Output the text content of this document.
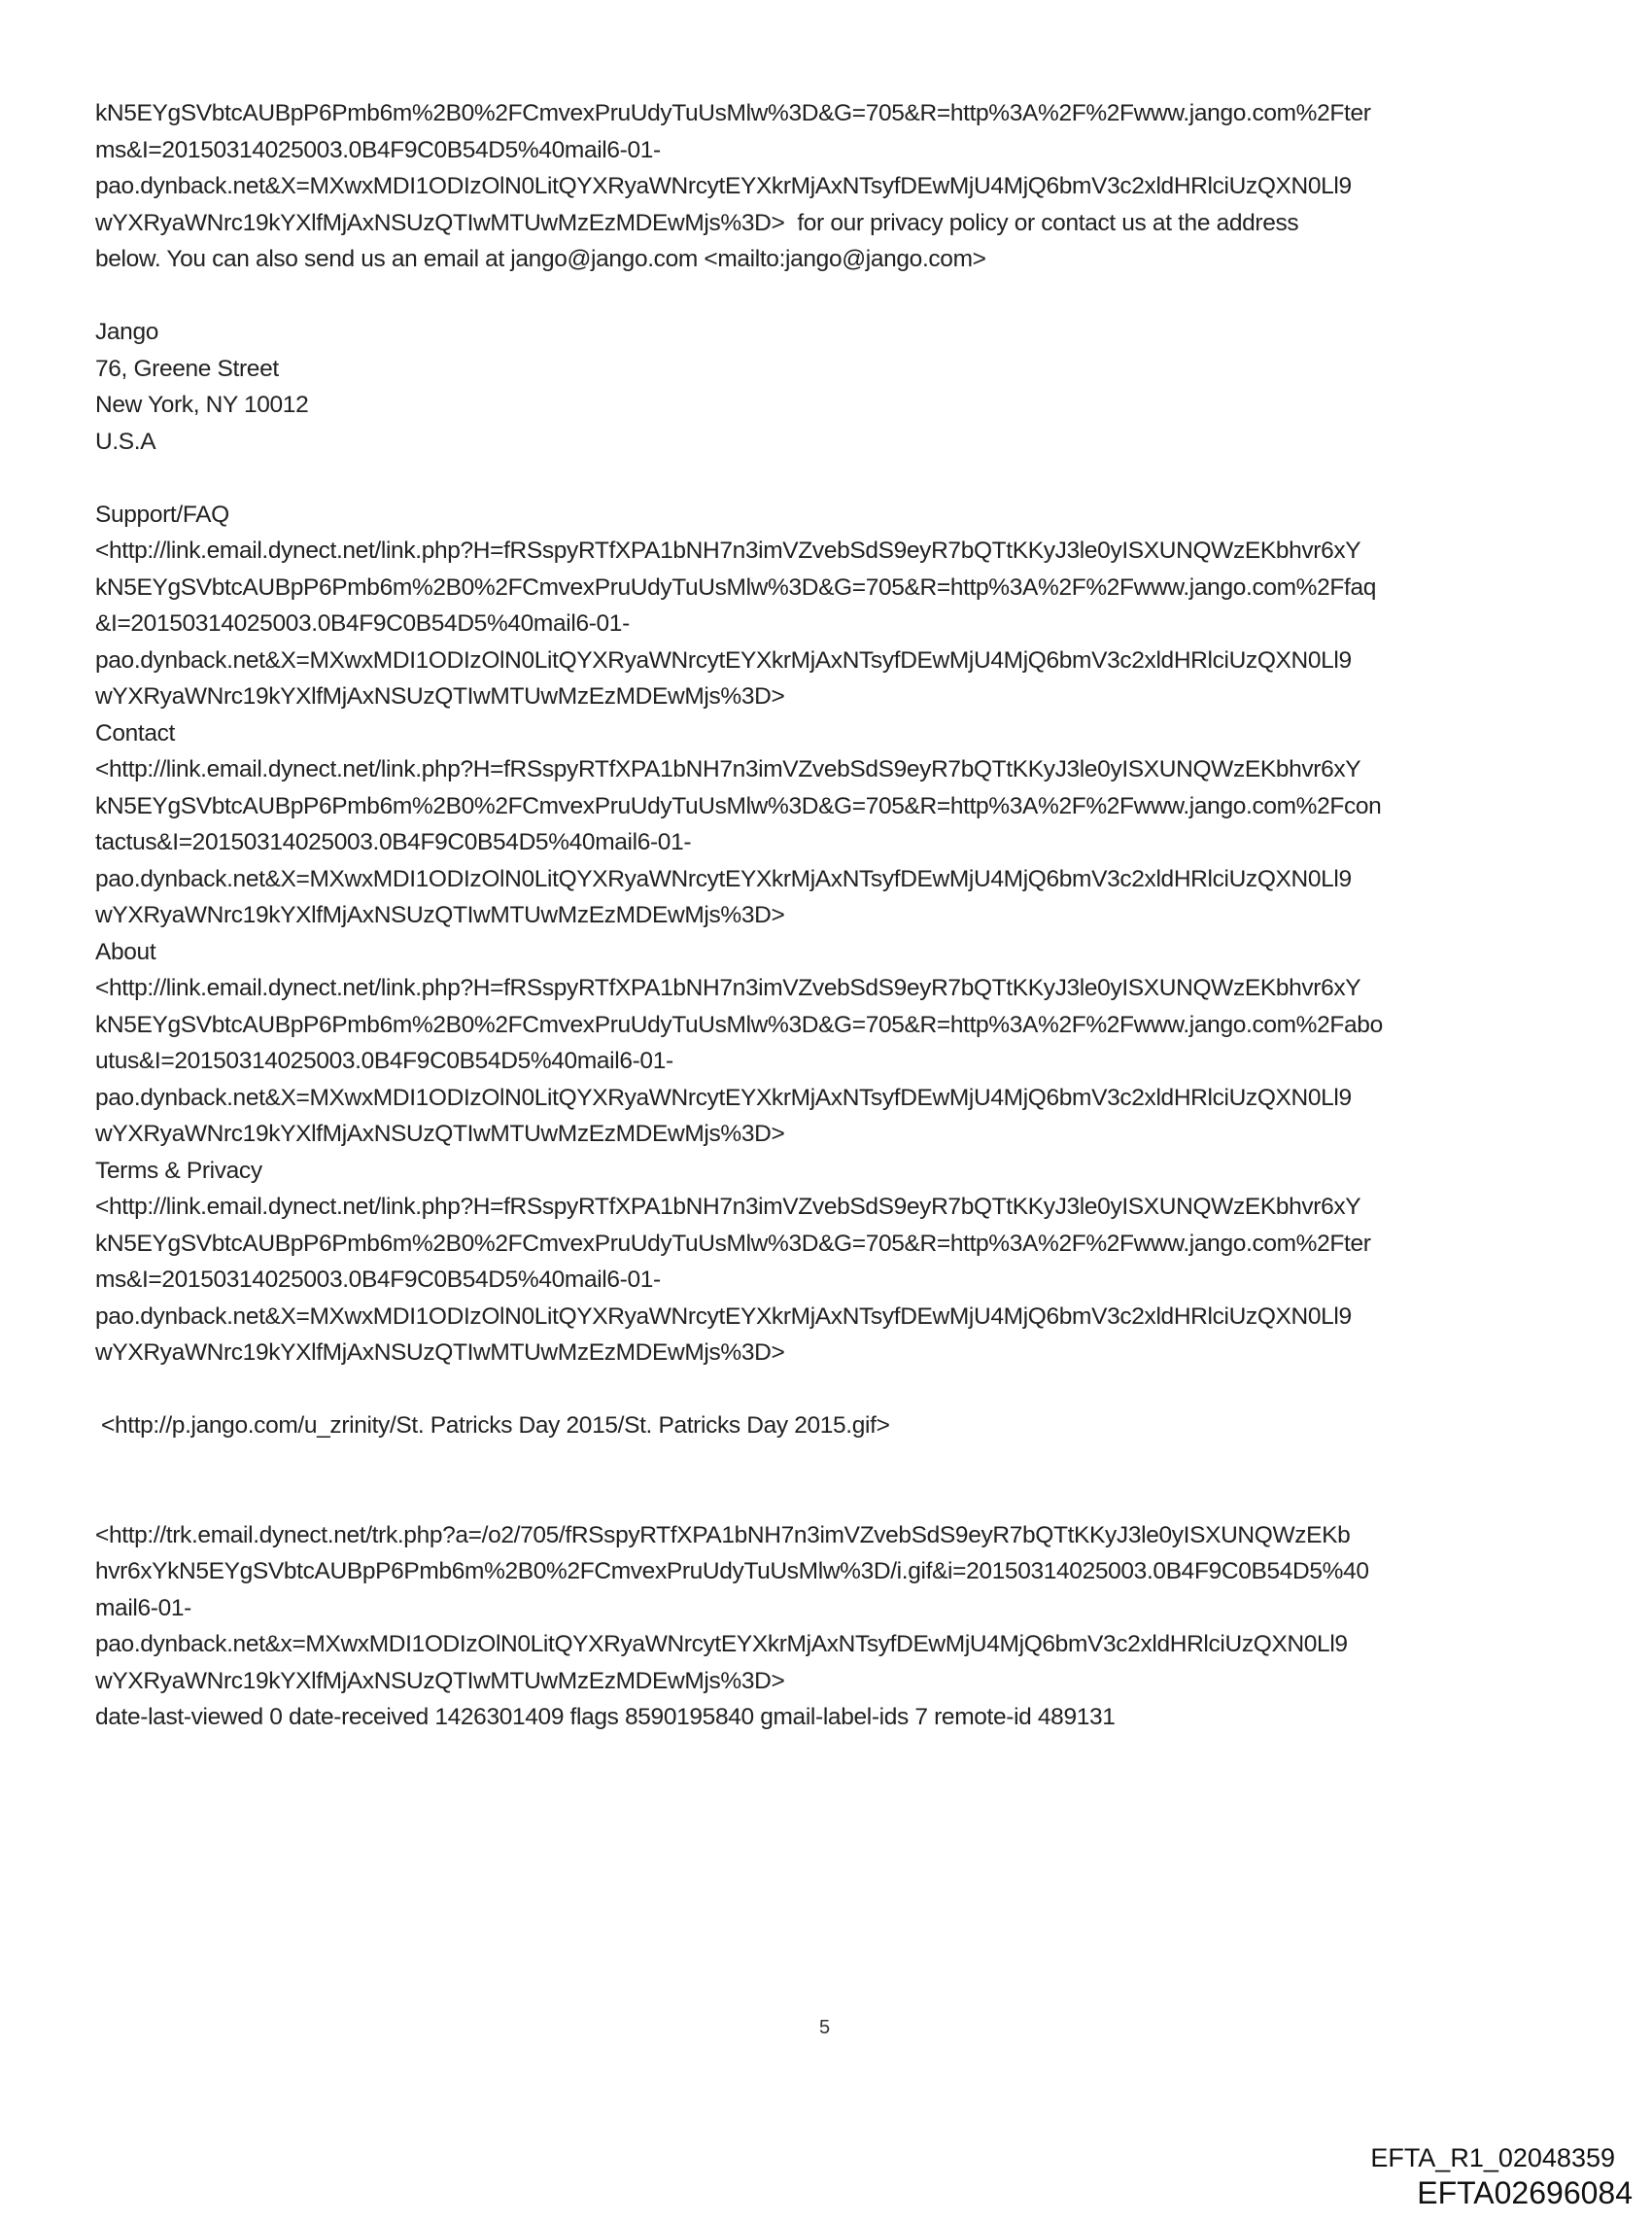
kN5EYgSVbtcAUBpP6Pmb6m%2B0%2FCmvexPruUdyTuUsMlw%3D&G=705&R=http%3A%2F%2Fwww.jango.com%2Fter
ms&I=20150314025003.0B4F9C0B54D5%40mail6-01-
pao.dynback.net&X=MXwxMDI1ODIzOlN0LitQYXRyaWNrcytEYXkrMjAxNTsyfDEwMjU4MjQ6bmV3c2xldHRlciUzQXN0Ll9
wYXRyaWNrc19kYXlfMjAxNSUzQTIwMTUwMzEzMDEwMjs%3D>  for our privacy policy or contact us at the address
below. You can also send us an email at jango@jango.com <mailto:jango@jango.com>
Jango
76, Greene Street
New York, NY 10012
U.S.A
Support/FAQ
<http://link.email.dynect.net/link.php?H=fRSspyRTfXPA1bNH7n3imVZvebSdS9eyR7bQTtKKyJ3le0yISXUNQWzEKbhvr6xY
kN5EYgSVbtcAUBpP6Pmb6m%2B0%2FCmvexPruUdyTuUsMlw%3D&G=705&R=http%3A%2F%2Fwww.jango.com%2Ffaq
&I=20150314025003.0B4F9C0B54D5%40mail6-01-
pao.dynback.net&X=MXwxMDI1ODIzOlN0LitQYXRyaWNrcytEYXkrMjAxNTsyfDEwMjU4MjQ6bmV3c2xldHRlciUzQXN0Ll9
wYXRyaWNrc19kYXlfMjAxNSUzQTIwMTUwMzEzMDEwMjs%3D>
Contact
<http://link.email.dynect.net/link.php?H=fRSspyRTfXPA1bNH7n3imVZvebSdS9eyR7bQTtKKyJ3le0yISXUNQWzEKbhvr6xY
kN5EYgSVbtcAUBpP6Pmb6m%2B0%2FCmvexPruUdyTuUsMlw%3D&G=705&R=http%3A%2F%2Fwww.jango.com%2Fcon
tactus&I=20150314025003.0B4F9C0B54D5%40mail6-01-
pao.dynback.net&X=MXwxMDI1ODIzOlN0LitQYXRyaWNrcytEYXkrMjAxNTsyfDEwMjU4MjQ6bmV3c2xldHRlciUzQXN0Ll9
wYXRyaWNrc19kYXlfMjAxNSUzQTIwMTUwMzEzMDEwMjs%3D>
About
<http://link.email.dynect.net/link.php?H=fRSspyRTfXPA1bNH7n3imVZvebSdS9eyR7bQTtKKyJ3le0yISXUNQWzEKbhvr6xY
kN5EYgSVbtcAUBpP6Pmb6m%2B0%2FCmvexPruUdyTuUsMlw%3D&G=705&R=http%3A%2F%2Fwww.jango.com%2Fabo
utus&I=20150314025003.0B4F9C0B54D5%40mail6-01-
pao.dynback.net&X=MXwxMDI1ODIzOlN0LitQYXRyaWNrcytEYXkrMjAxNTsyfDEwMjU4MjQ6bmV3c2xldHRlciUzQXN0Ll9
wYXRyaWNrc19kYXlfMjAxNSUzQTIwMTUwMzEzMDEwMjs%3D>
Terms & Privacy
<http://link.email.dynect.net/link.php?H=fRSspyRTfXPA1bNH7n3imVZvebSdS9eyR7bQTtKKyJ3le0yISXUNQWzEKbhvr6xY
kN5EYgSVbtcAUBpP6Pmb6m%2B0%2FCmvexPruUdyTuUsMlw%3D&G=705&R=http%3A%2F%2Fwww.jango.com%2Fter
ms&I=20150314025003.0B4F9C0B54D5%40mail6-01-
pao.dynback.net&X=MXwxMDI1ODIzOlN0LitQYXRyaWNrcytEYXkrMjAxNTsyfDEwMjU4MjQ6bmV3c2xldHRlciUzQXN0Ll9
wYXRyaWNrc19kYXlfMjAxNSUzQTIwMTUwMzEzMDEwMjs%3D>
<http://p.jango.com/u_zrinity/St. Patricks Day 2015/St. Patricks Day 2015.gif>
<http://trk.email.dynect.net/trk.php?a=/o2/705/fRSspyRTfXPA1bNH7n3imVZvebSdS9eyR7bQTtKKyJ3le0yISXUNQWzEKb
hvr6xYkN5EYgSVbtcAUBpP6Pmb6m%2B0%2FCmvexPruUdyTuUsMlw%3D/i.gif&i=20150314025003.0B4F9C0B54D5%40
mail6-01-
pao.dynback.net&x=MXwxMDI1ODIzOlN0LitQYXRyaWNrcytEYXkrMjAxNTsyfDEwMjU4MjQ6bmV3c2xldHRlciUzQXN0Ll9
wYXRyaWNrc19kYXlfMjAxNSUzQTIwMTUwMzEzMDEwMjs%3D>
date-last-viewed 0 date-received 1426301409 flags 8590195840 gmail-label-ids 7 remote-id 489131
5
EFTA_R1_02048359
EFTA02696084
